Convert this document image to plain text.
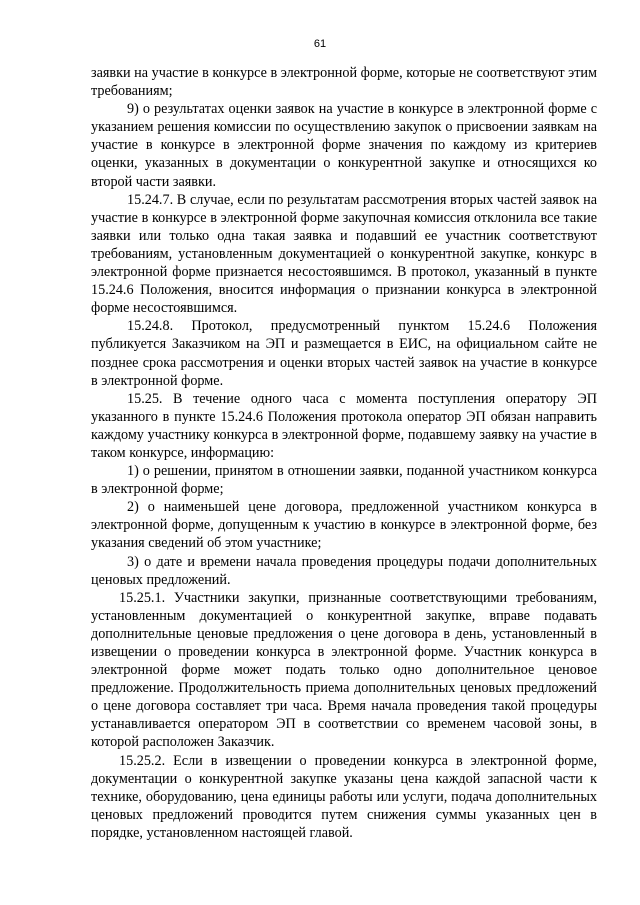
61

заявки на участие в конкурсе в электронной форме, которые не соответствуют этим требованиям;

9) о результатах оценки заявок на участие в конкурсе в электронной форме с указанием решения комиссии по осуществлению закупок о присвоении заявкам на участие в конкурсе в электронной форме значения по каждому из критериев оценки, указанных в документации о конкурентной закупке и относящихся ко второй части заявки.

15.24.7. В случае, если по результатам рассмотрения вторых частей заявок на участие в конкурсе в электронной форме закупочная комиссия отклонила все такие заявки или только одна такая заявка и подавший ее участник соответствуют требованиям, установленным документацией о конкурентной закупке, конкурс в электронной форме признается несостоявшимся. В протокол, указанный в пункте 15.24.6 Положения, вносится информация о признании конкурса в электронной форме несостоявшимся.

15.24.8. Протокол, предусмотренный пунктом 15.24.6 Положения публикуется Заказчиком на ЭП и размещается в ЕИС, на официальном сайте не позднее срока рассмотрения и оценки вторых частей заявок на участие в конкурсе в электронной форме.

15.25. В течение одного часа с момента поступления оператору ЭП указанного в пункте 15.24.6 Положения протокола оператор ЭП обязан направить каждому участнику конкурса в электронной форме, подавшему заявку на участие в таком конкурсе, информацию:

1) о решении, принятом в отношении заявки, поданной участником конкурса в электронной форме;

2) о наименьшей цене договора, предложенной участником конкурса в электронной форме, допущенным к участию в конкурсе в электронной форме, без указания сведений об этом участнике;

3) о дате и времени начала проведения процедуры подачи дополнительных ценовых предложений.

15.25.1. Участники закупки, признанные соответствующими требованиям, установленным документацией о конкурентной закупке, вправе подавать дополнительные ценовые предложения о цене договора в день, установленный в извещении о проведении конкурса в электронной форме. Участник конкурса в электронной форме может подать только одно дополнительное ценовое предложение. Продолжительность приема дополнительных ценовых предложений о цене договора составляет три часа. Время начала проведения такой процедуры устанавливается оператором ЭП в соответствии со временем часовой зоны, в которой расположен Заказчик.

15.25.2. Если в извещении о проведении конкурса в электронной форме, документации о конкурентной закупке указаны цена каждой запасной части к технике, оборудованию, цена единицы работы или услуги, подача дополнительных ценовых предложений проводится путем снижения суммы указанных цен в порядке, установленном настоящей главой.
